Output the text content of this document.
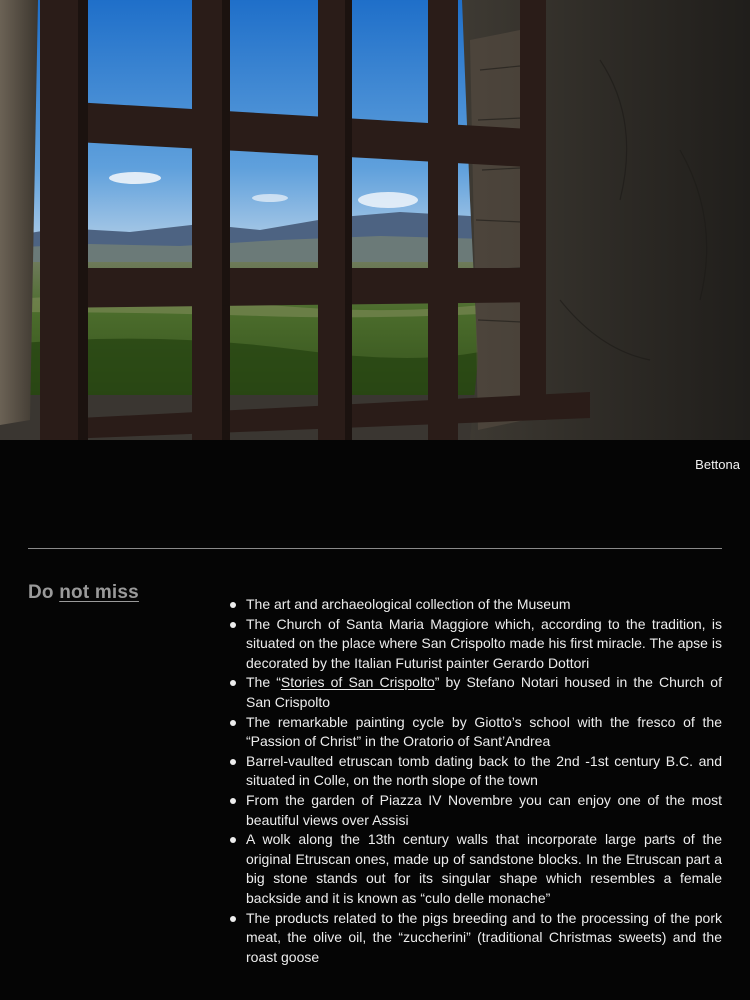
Bettona
Do not miss
The art and archaeological collection of the Museum
The Church of Santa Maria Maggiore which, according to the tradition, is situated on the place where San Crispolto made his first miracle. The apse is decorated by the Italian Futurist painter Gerardo Dottori
The “Stories of San Crispolto” by Stefano Notari housed in the Church of San Crispolto
The remarkable painting cycle by Giotto’s school with the fresco of the “Passion of Christ” in the Oratorio of Sant’Andrea
Barrel-vaulted etruscan tomb dating back to the 2nd -1st century B.C. and situated in Colle, on the north slope of the town
From the garden of Piazza IV Novembre you can enjoy one of the most beautiful views over Assisi
A wolk along the 13th century walls that incorporate large parts of the original Etruscan ones, made up of sandstone blocks. In the Etruscan part a big stone stands out for its singular shape which resembles a female backside and it is known as “culo delle monache”
The products related to the pigs breeding and to the processing of the pork meat, the olive oil, the “zuccherini” (traditional Christmas sweets) and the roast goose
